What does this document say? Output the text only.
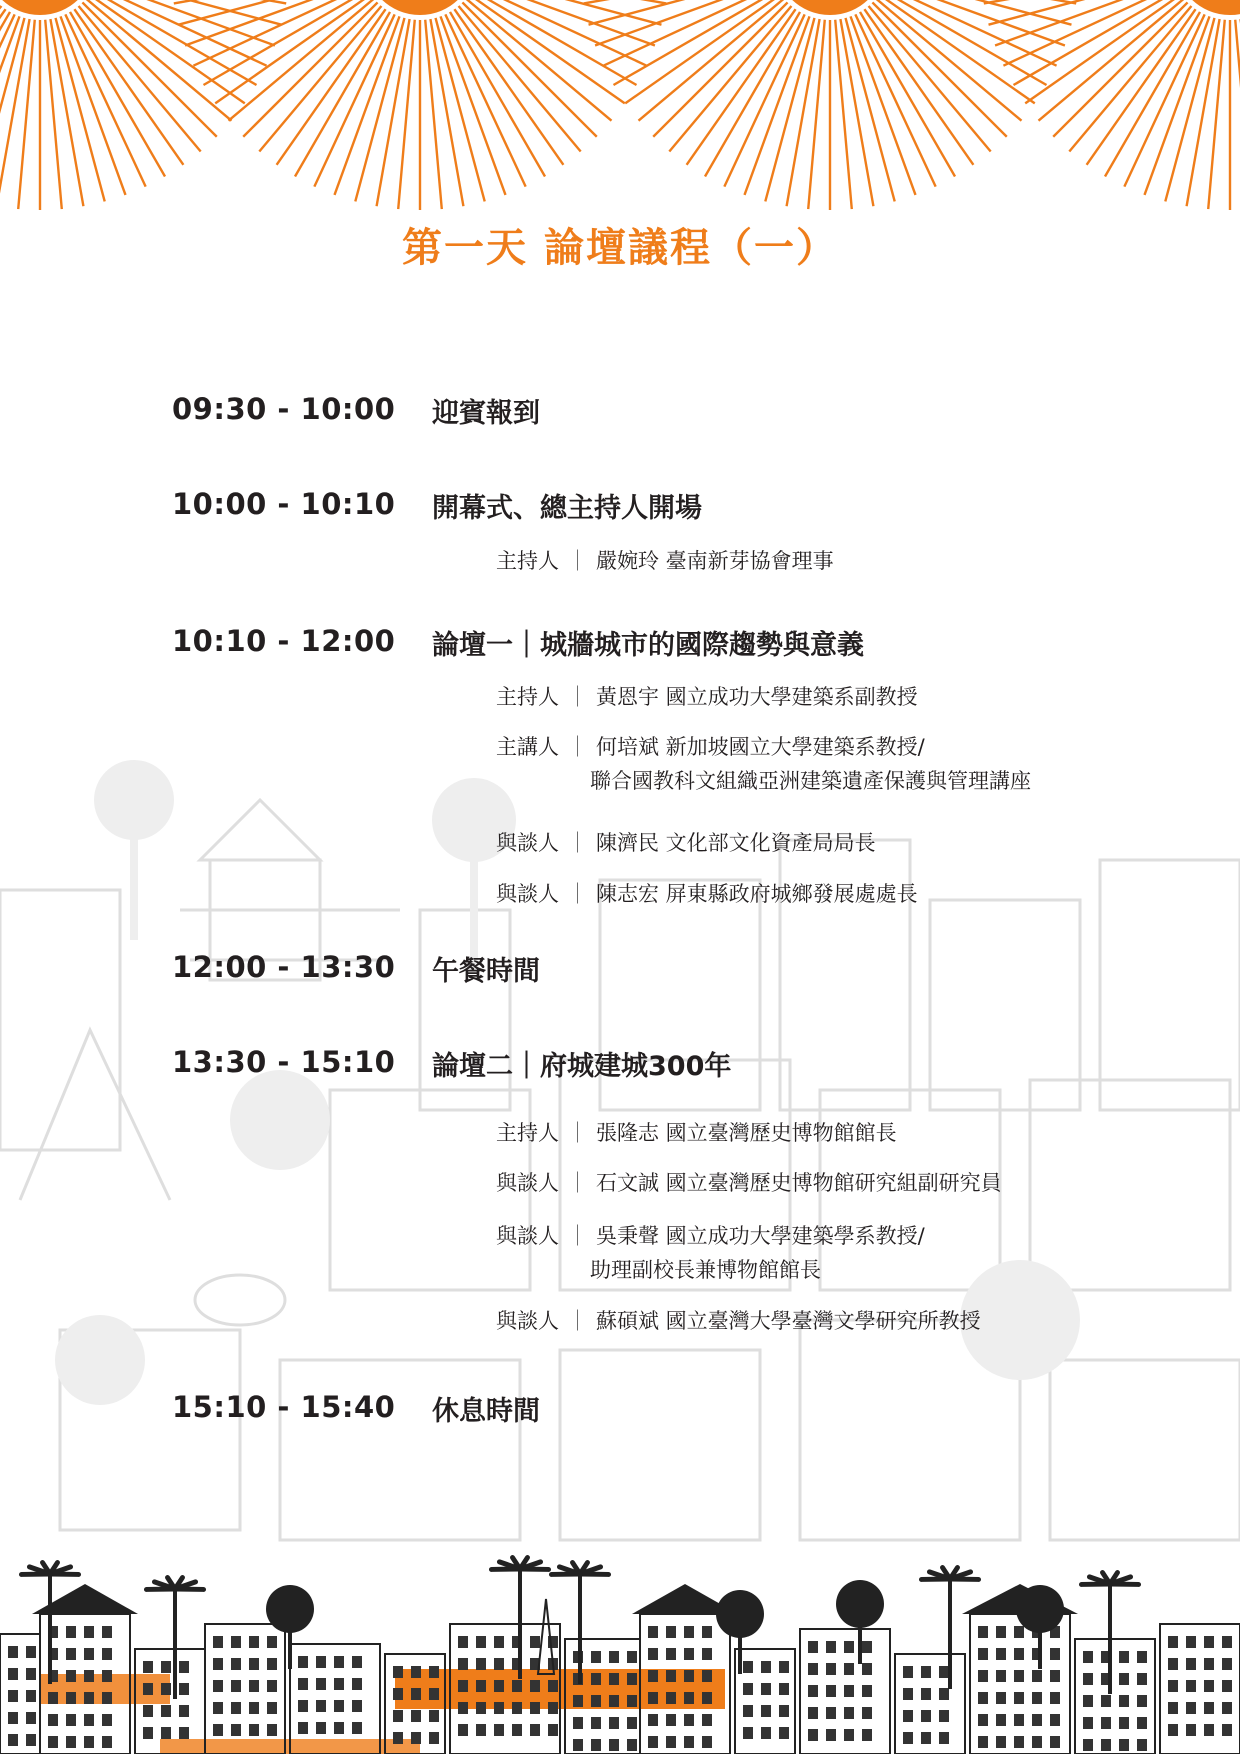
第一天 論壇議程（一）
09:30 - 10:00 迎賓報到
10:00 - 10:10 開幕式、總主持人開場
主持人 ｜ 嚴婉玲 臺南新芽協會理事
10:10 - 12:00 論壇一｜城牆城市的國際趨勢與意義
主持人 ｜ 黃恩宇 國立成功大學建築系副教授
主講人 ｜ 何培斌 新加坡國立大學建築系教授/
聯合國教科文組織亞洲建築遺產保護與管理講座
與談人 ｜ 陳濟民 文化部文化資產局局長
與談人 ｜ 陳志宏 屏東縣政府城鄉發展處處長
12:00 - 13:30 午餐時間
13:30 - 15:10 論壇二｜府城建城300年
主持人 ｜ 張隆志 國立臺灣歷史博物館館長
與談人 ｜ 石文誠 國立臺灣歷史博物館研究組副研究員
與談人 ｜ 吳秉聲 國立成功大學建築學系教授/
助理副校長兼博物館館長
與談人 ｜ 蘇碩斌 國立臺灣大學臺灣文學研究所教授
15:10 - 15:40 休息時間
